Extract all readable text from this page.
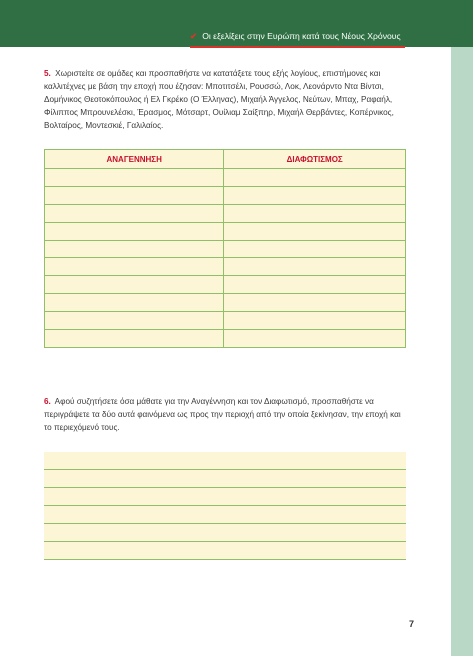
✔ Οι εξελίξεις στην Ευρώπη κατά τους Νέους Χρόνους
5. Χωριστείτε σε ομάδες και προσπαθήστε να κατατάξετε τους εξής λογίους, επιστήμονες και καλλιτέχνες με βάση την εποχή που έζησαν: Μποτιτσέλι, Ρουσσώ, Λοκ, Λεονάρντο Ντα Βίντσι, Δομήνικος Θεοτοκόπουλος ή Ελ Γκρέκο (Ο Έλληνας), Μιχαήλ Άγγελος, Νεύτων, Μπαχ, Ραφαήλ, Φίλιππος Μπρουνελέσκι, Έρασμος, Μότσαρτ, Ουίλιαμ Σαίξπηρ, Μιχαήλ Θερβάντες, Κοπέρνικος, Βολταίρος, Μοντεσκιέ, Γαλιλαίος.
ΑΝΑΓΕΝΝΗΣΗ	ΔΙΑΦΩΤΙΣΜΟΣ

6. Αφού συζητήσετε όσα μάθατε για την Αναγέννηση και τον Διαφωτισμό, προσπαθήστε να περιγράψετε τα δύο αυτά φαινόμενα ως προς την περιοχή από την οποία ξεκίνησαν, την εποχή και το περιεχόμενό τους.
7
